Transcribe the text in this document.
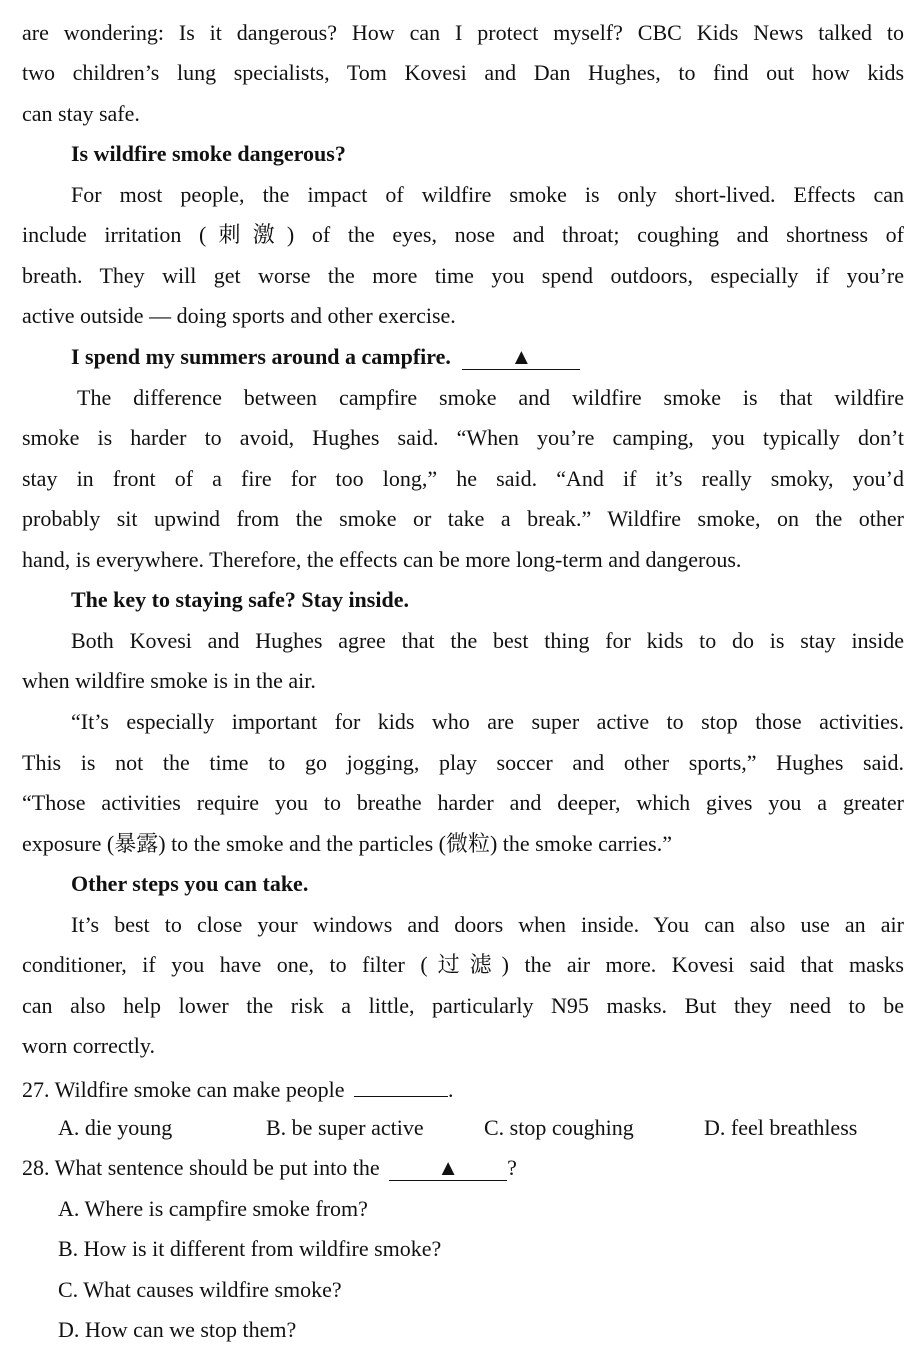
are wondering: Is it dangerous? How can I protect myself? CBC Kids News talked to
two children’s lung specialists, Tom Kovesi and Dan Hughes, to find out how kids
can stay safe.
Is wildfire smoke dangerous?
For most people, the impact of wildfire smoke is only short-lived. Effects can
include irritation (刺激) of the eyes, nose and throat; coughing and shortness of
breath. They will get worse the more time you spend outdoors, especially if you’re
active outside — doing sports and other exercise.
I spend my summers around a campfire.	▲
The difference between campfire smoke and wildfire smoke is that wildfire
smoke is harder to avoid, Hughes said. “When you’re camping, you typically don’t
stay in front of a fire for too long,” he said. “And if it’s really smoky, you’d
probably sit upwind from the smoke or take a break.” Wildfire smoke, on the other
hand, is everywhere. Therefore, the effects can be more long-term and dangerous.
The key to staying safe? Stay inside.
Both Kovesi and Hughes agree that the best thing for kids to do is stay inside
when wildfire smoke is in the air.
“It’s especially important for kids who are super active to stop those activities.
This is not the time to go jogging, play soccer and other sports,” Hughes said.
“Those activities require you to breathe harder and deeper, which gives you a greater
exposure (暴露) to the smoke and the particles (微粒) the smoke carries.”
Other steps you can take.
It’s best to close your windows and doors when inside. You can also use an air
conditioner, if you have one, to filter (过滤) the air more. Kovesi said that masks
can also help lower the risk a little, particularly N95 masks. But they need to be
worn correctly.
27. Wildfire smoke can make people	.
A. die young	B. be super active	C. stop coughing	D. feel breathless
28. What sentence should be put into the	▲ ?
A. Where is campfire smoke from?
B. How is it different from wildfire smoke?
C. What causes wildfire smoke?
D. How can we stop them?
